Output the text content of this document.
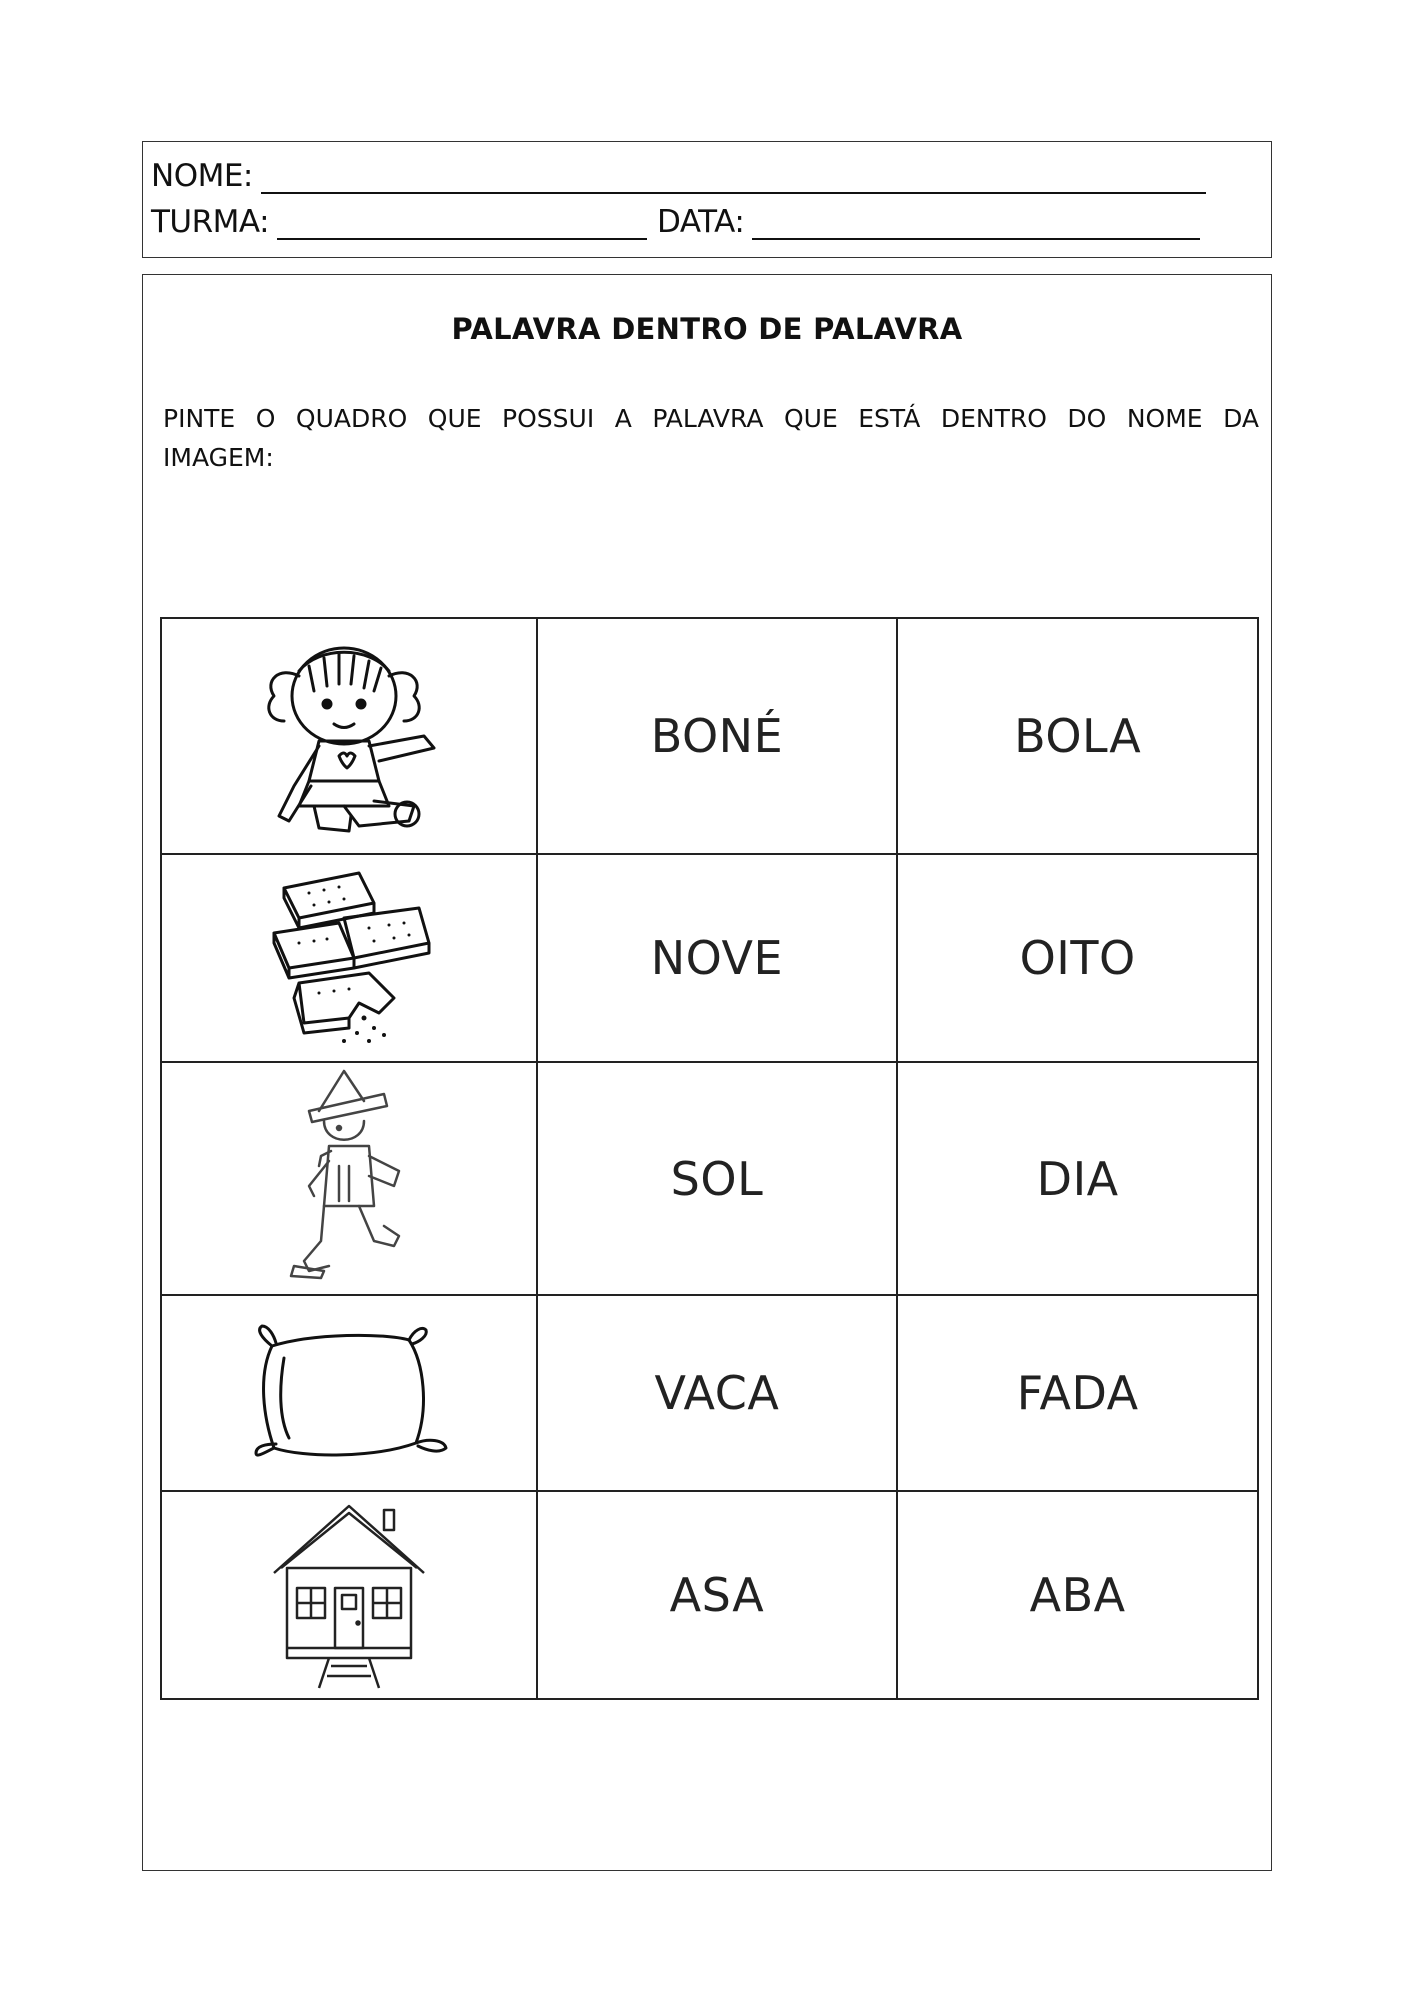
NOME:
TURMA:	DATA:
PALAVRA DENTRO DE PALAVRA
PINTE O QUADRO QUE POSSUI A PALAVRA QUE ESTÁ DENTRO DO NOME DA
IMAGEM:
	BONÉ	BOLA

	NOVE	OITO

	SOL	DIA

	VACA	FADA

	ASA	ABA
